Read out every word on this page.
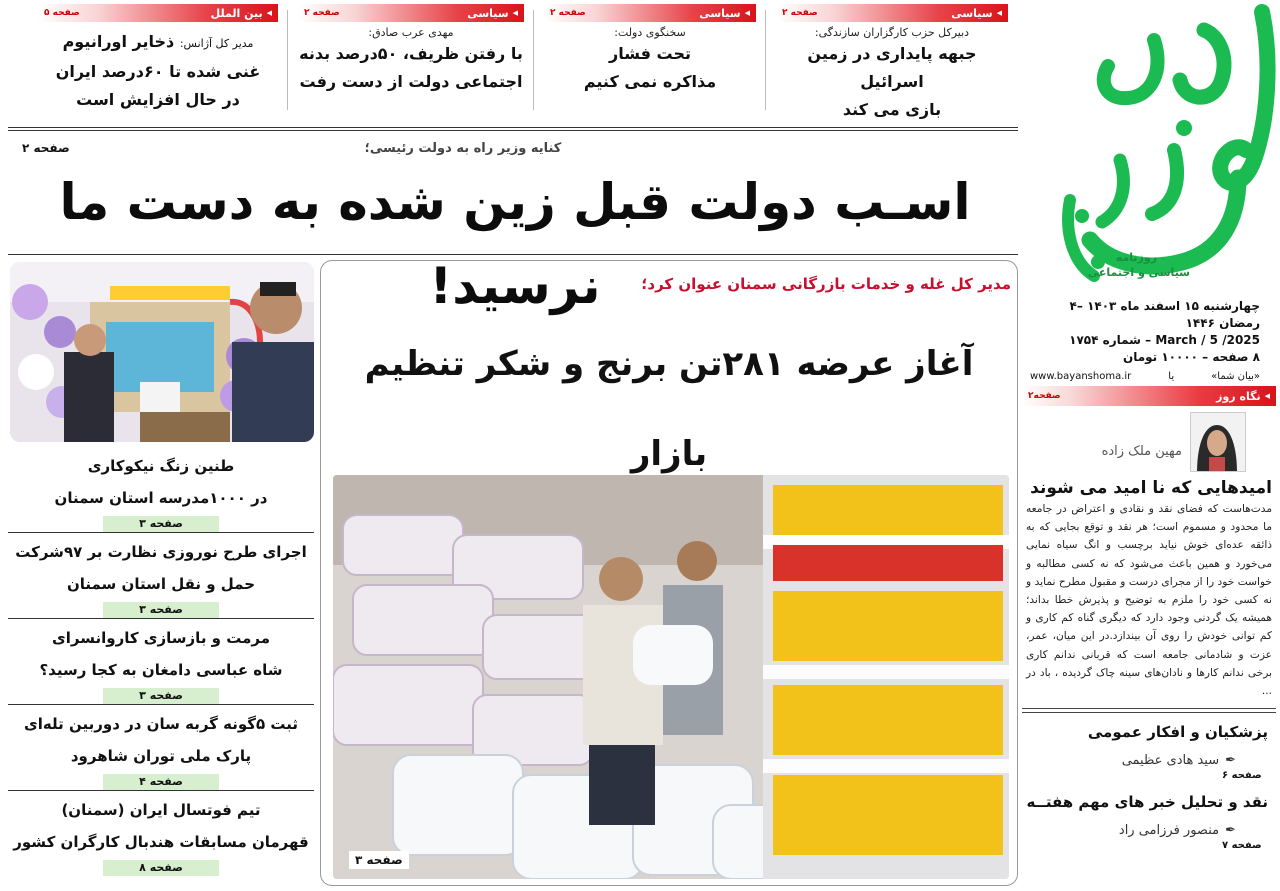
◀
سیاسی
صفحه ۲
دبیرکل حزب کارگزاران سازندگی:
جبهه پایداری در زمین اسرائیل
بازی می کند
◀
سیاسی
صفحه ۲
سخنگوی دولت:
تحت فشار
مذاکره نمی کنیم
◀
سیاسی
صفحه ۲
مهدی عرب صادق:
با رفتن ظریف، ۵۰درصد بدنه
اجتماعی دولت از دست رفت
◀
بین الملل
صفحه ۵
مدیر کل آژانس: ذخایر اورانیوم
غنی شده تا ۶۰درصد ایران
در حال افزایش است
روزنامه
سیاسی و اجتماعی
چهارشنبه ۱۵ اسفند ماه ۱۴۰۳ –۴ رمضان ۱۴۴۶
March / 5 /2025 – شماره ۱۷۵۴
۸ صفحه – ۱۰۰۰۰ تومان
«بیان شما»
یا
www.bayanshoma.ir
کنایه وزیر راه به دولت رئیسی؛
صفحه ۲
اسـب دولت قبل زین شده به دست ما نرسید!
طنین زنگ نیکوکاری
در ۱۰۰۰مدرسه استان سمنان
صفحه ۳
اجرای طرح نوروزی نظارت بر ۹۷شرکت
حمل و نقل استان سمنان
صفحه ۳
مرمت و بازسازی کاروانسرای
شاه عباسی دامغان به کجا رسید؟
صفحه ۳
ثبت ۵گونه گربه سان در دوربین تله‌ای
پارک ملی توران شاهرود
صفحه ۴
تیم فوتسال ایران (سمنان)
قهرمان مسابقات هندبال کارگران کشور
صفحه ۸
مدیر کل غله و خدمات بازرگانی سمنان عنوان کرد؛
آغاز عرضه ۲۸۱تن برنج و شکر تنظیم بازار
صفحه ۳
◀
نگاه روز
صفحه۲
مهین ملک زاده
امیدهایی که نا امید می شوند
مدت‌هاست که فضای نقد و نقادی و اعتراض در جامعه ما محدود و مسموم است؛ هر نقد و توقع بجایی که به ذائقه عده‌ای خوش نیاید برچسب و انگ سیاه نمایی می‌خورد و همین باعث می‌شود که نه کسی مطالبه و خواست خود را از مجرای درست و مقبول مطرح نماید و نه کسی خود را ملزم به توضیح و پذیرش خطا بداند؛ همیشه یک گردنی وجود دارد که دیگری گناه کم کاری و کم توانی خودش را روی آن بیندازد.در این میان، عمر، عزت و شادمانی جامعه است که قربانی ندانم کاری برخی ندانم کارها و نادان‌های سینه چاک گردیده ، باد در ...
پزشکیان و افکار عمومی
✒
سید هادی عظیمی
صفحه ۶
نقد و تحلیل خبر های مهم هفتــه
✒
منصور فرزامی راد
صفحه ۷
